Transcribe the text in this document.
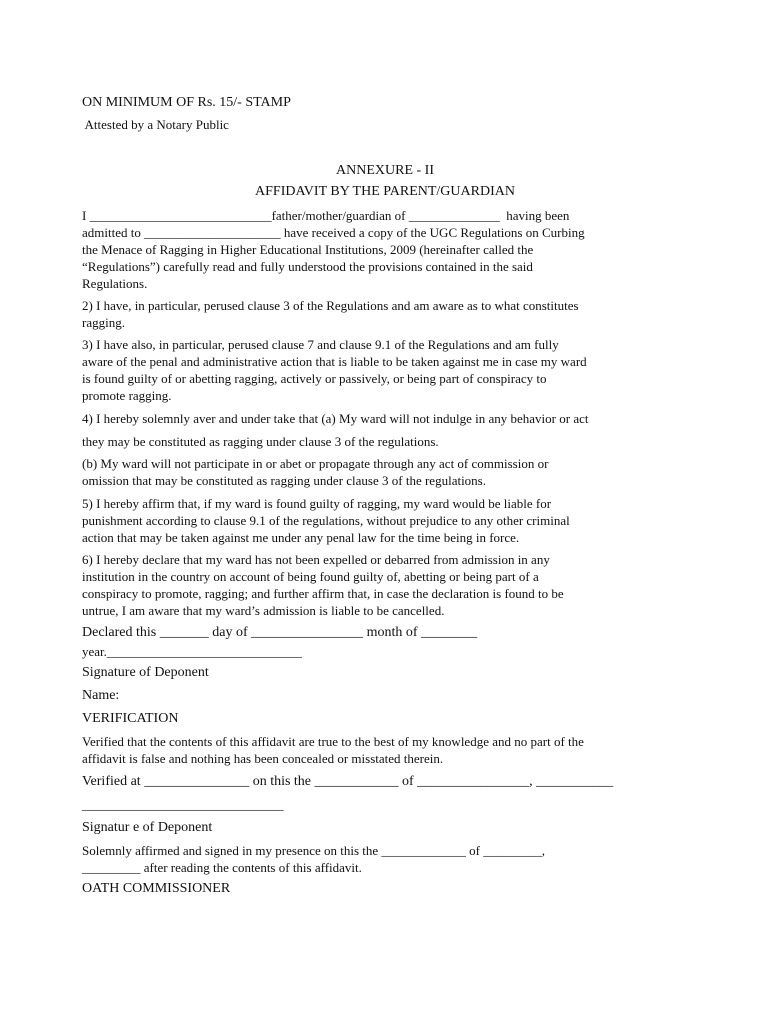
ON MINIMUM OF Rs. 15/- STAMP
Attested by a Notary Public
ANNEXURE - II
AFFIDAVIT BY THE PARENT/GUARDIAN
I ____________________________father/mother/guardian of ______________  having been
admitted to _____________________ have received a copy of the UGC Regulations on Curbing
the Menace of Ragging in Higher Educational Institutions, 2009 (hereinafter called the
“Regulations”) carefully read and fully understood the provisions contained in the said
Regulations.
2) I have, in particular, perused clause 3 of the Regulations and am aware as to what constitutes
ragging.
3) I have also, in particular, perused clause 7 and clause 9.1 of the Regulations and am fully
aware of the penal and administrative action that is liable to be taken against me in case my ward
is found guilty of or abetting ragging, actively or passively, or being part of conspiracy to
promote ragging.
4) I hereby solemnly aver and under take that (a) My ward will not indulge in any behavior or act
they may be constituted as ragging under clause 3 of the regulations.
(b) My ward will not participate in or abet or propagate through any act of commission or
omission that may be constituted as ragging under clause 3 of the regulations.
5) I hereby affirm that, if my ward is found guilty of ragging, my ward would be liable for
punishment according to clause 9.1 of the regulations, without prejudice to any other criminal
action that may be taken against me under any penal law for the time being in force.
6) I hereby declare that my ward has not been expelled or debarred from admission in any
institution in the country on account of being found guilty of, abetting or being part of a
conspiracy to promote, ragging; and further affirm that, in case the declaration is found to be
untrue, I am aware that my ward’s admission is liable to be cancelled.
Declared this _______ day of ________________ month of ________
year.______________________________
Signature of Deponent
Name:
VERIFICATION
Verified that the contents of this affidavit are true to the best of my knowledge and no part of the
affidavit is false and nothing has been concealed or misstated therein.
Verified at _______________ on this the ____________ of ________________, ___________
_______________________________
Signatur e of Deponent
Solemnly affirmed and signed in my presence on this the _____________ of _________,
_________ after reading the contents of this affidavit.
OATH COMMISSIONER
